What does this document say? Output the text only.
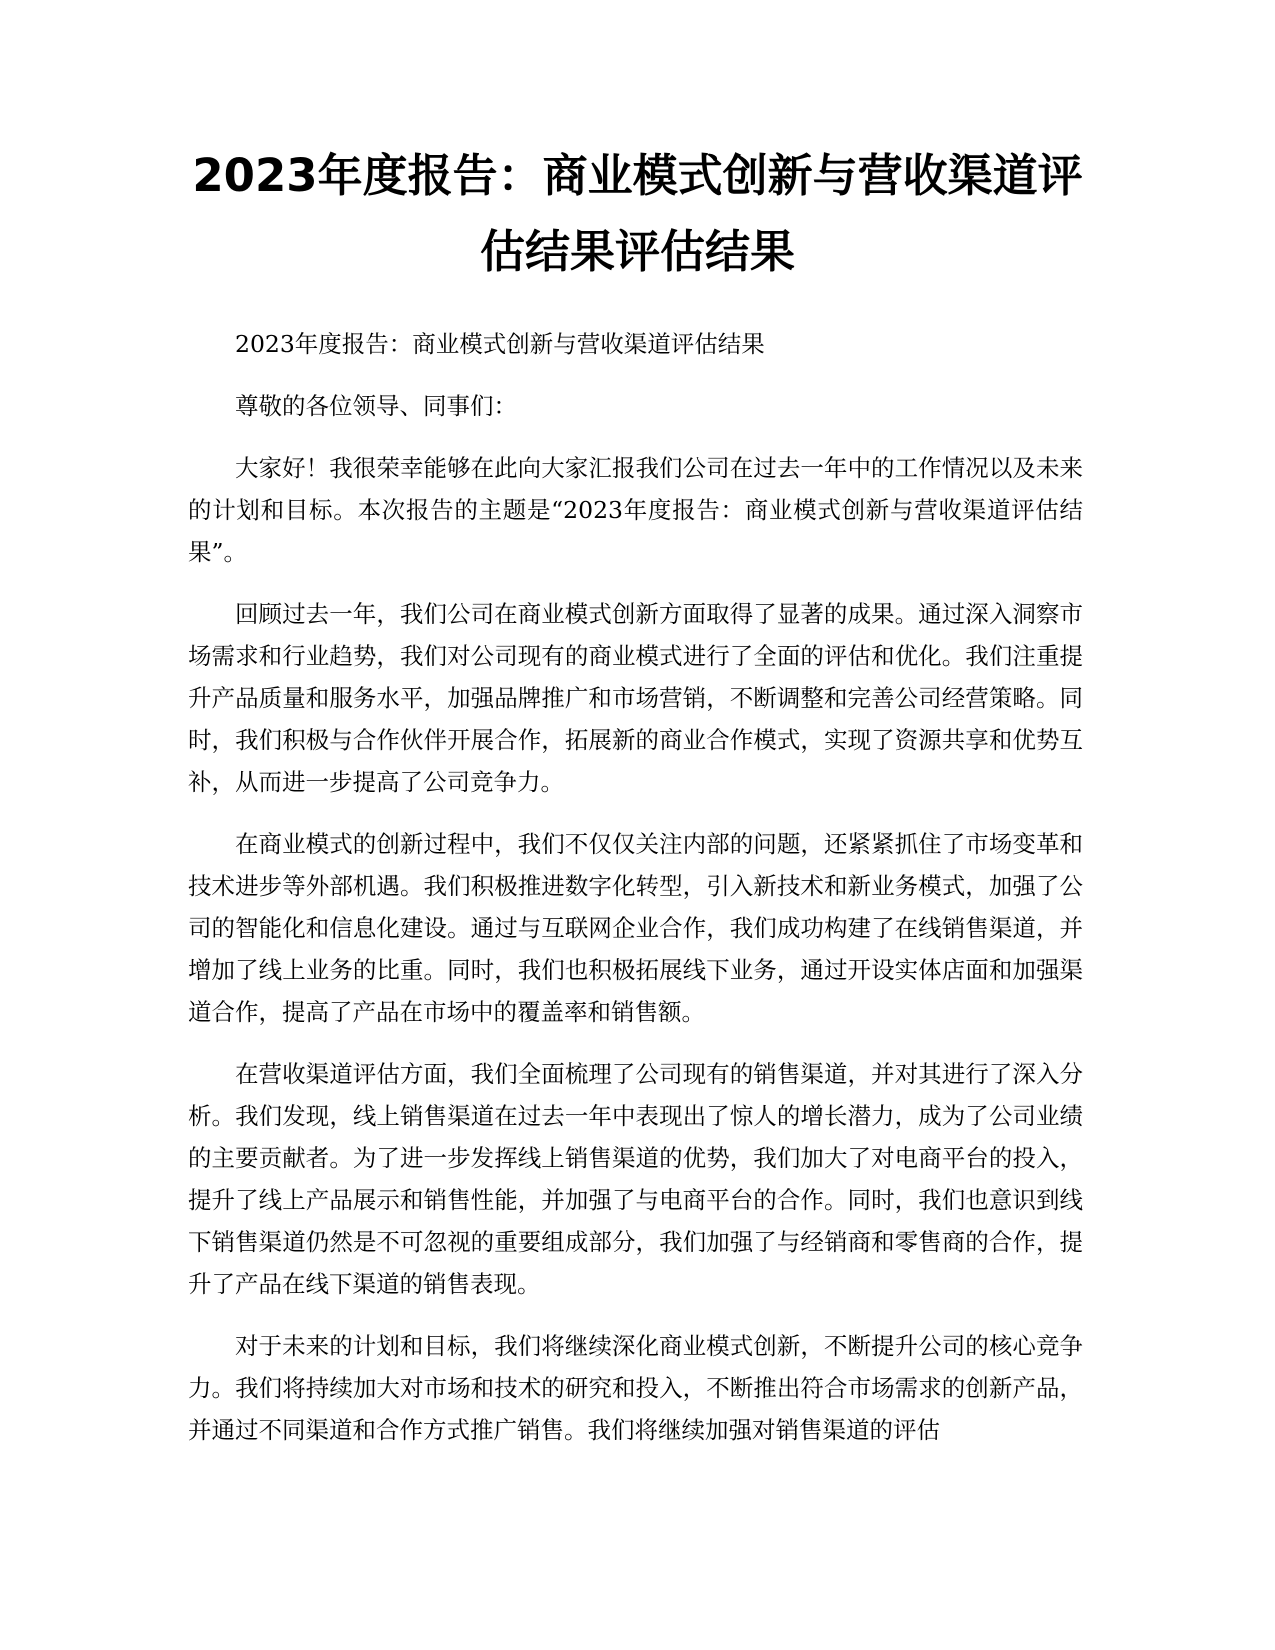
2023年度报告：商业模式创新与营收渠道评估结果评估结果

2023年度报告：商业模式创新与营收渠道评估结果

尊敬的各位领导、同事们：

大家好！我很荣幸能够在此向大家汇报我们公司在过去一年中的工作情况以及未来的计划和目标。本次报告的主题是“2023年度报告：商业模式创新与营收渠道评估结果”。

回顾过去一年，我们公司在商业模式创新方面取得了显著的成果。通过深入洞察市场需求和行业趋势，我们对公司现有的商业模式进行了全面的评估和优化。我们注重提升产品质量和服务水平，加强品牌推广和市场营销，不断调整和完善公司经营策略。同时，我们积极与合作伙伴开展合作，拓展新的商业合作模式，实现了资源共享和优势互补，从而进一步提高了公司竞争力。

在商业模式的创新过程中，我们不仅仅关注内部的问题，还紧紧抓住了市场变革和技术进步等外部机遇。我们积极推进数字化转型，引入新技术和新业务模式，加强了公司的智能化和信息化建设。通过与互联网企业合作，我们成功构建了在线销售渠道，并增加了线上业务的比重。同时，我们也积极拓展线下业务，通过开设实体店面和加强渠道合作，提高了产品在市场中的覆盖率和销售额。

在营收渠道评估方面，我们全面梳理了公司现有的销售渠道，并对其进行了深入分析。我们发现，线上销售渠道在过去一年中表现出了惊人的增长潜力，成为了公司业绩的主要贡献者。为了进一步发挥线上销售渠道的优势，我们加大了对电商平台的投入，提升了线上产品展示和销售性能，并加强了与电商平台的合作。同时，我们也意识到线下销售渠道仍然是不可忽视的重要组成部分，我们加强了与经销商和零售商的合作，提升了产品在线下渠道的销售表现。

对于未来的计划和目标，我们将继续深化商业模式创新，不断提升公司的核心竞争力。我们将持续加大对市场和技术的研究和投入，不断推出符合市场需求的创新产品，并通过不同渠道和合作方式推广销售。我们将继续加强对销售渠道的评估
